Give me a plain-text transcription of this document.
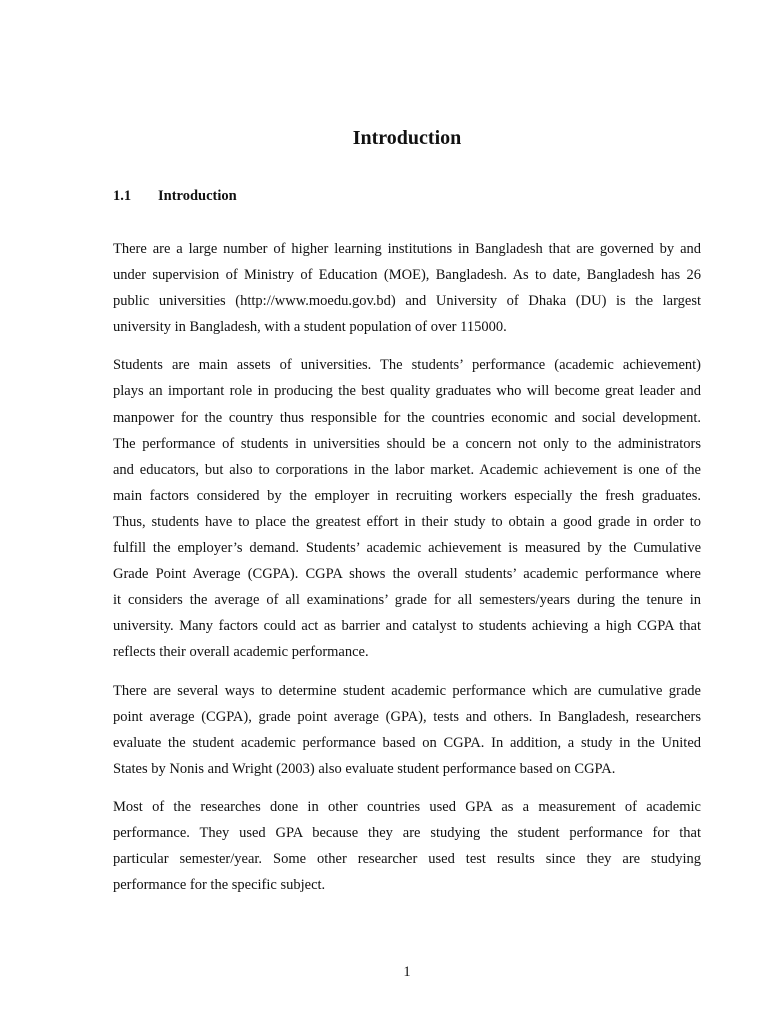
Introduction
1.1 Introduction

There are a large number of higher learning institutions in Bangladesh that are governed by and
under supervision of Ministry of Education (MOE), Bangladesh. As to date, Bangladesh has 26
public universities (http://www.moedu.gov.bd) and University of Dhaka (DU) is the largest
university in Bangladesh, with a student population of over 115000.

Students are main assets of universities. The students’ performance (academic achievement)
plays an important role in producing the best quality graduates who will become great leader and
manpower for the country thus responsible for the countries economic and social development.
The performance of students in universities should be a concern not only to the administrators
and educators, but also to corporations in the labor market. Academic achievement is one of the
main factors considered by the employer in recruiting workers especially the fresh graduates.
Thus, students have to place the greatest effort in their study to obtain a good grade in order to
fulfill the employer’s demand. Students’ academic achievement is measured by the Cumulative
Grade Point Average (CGPA). CGPA shows the overall students’ academic performance where
it considers the average of all examinations’ grade for all semesters/years during the tenure in
university. Many factors could act as barrier and catalyst to students achieving a high CGPA that
reflects their overall academic performance.

There are several ways to determine student academic performance which are cumulative grade
point average (CGPA), grade point average (GPA), tests and others. In Bangladesh, researchers
evaluate the student academic performance based on CGPA. In addition, a study in the United
States by Nonis and Wright (2003) also evaluate student performance based on CGPA.

Most of the researches done in other countries used GPA as a measurement of academic
performance. They used GPA because they are studying the student performance for that
particular semester/year. Some other researcher used test results since they are studying
performance for the specific subject.

1
